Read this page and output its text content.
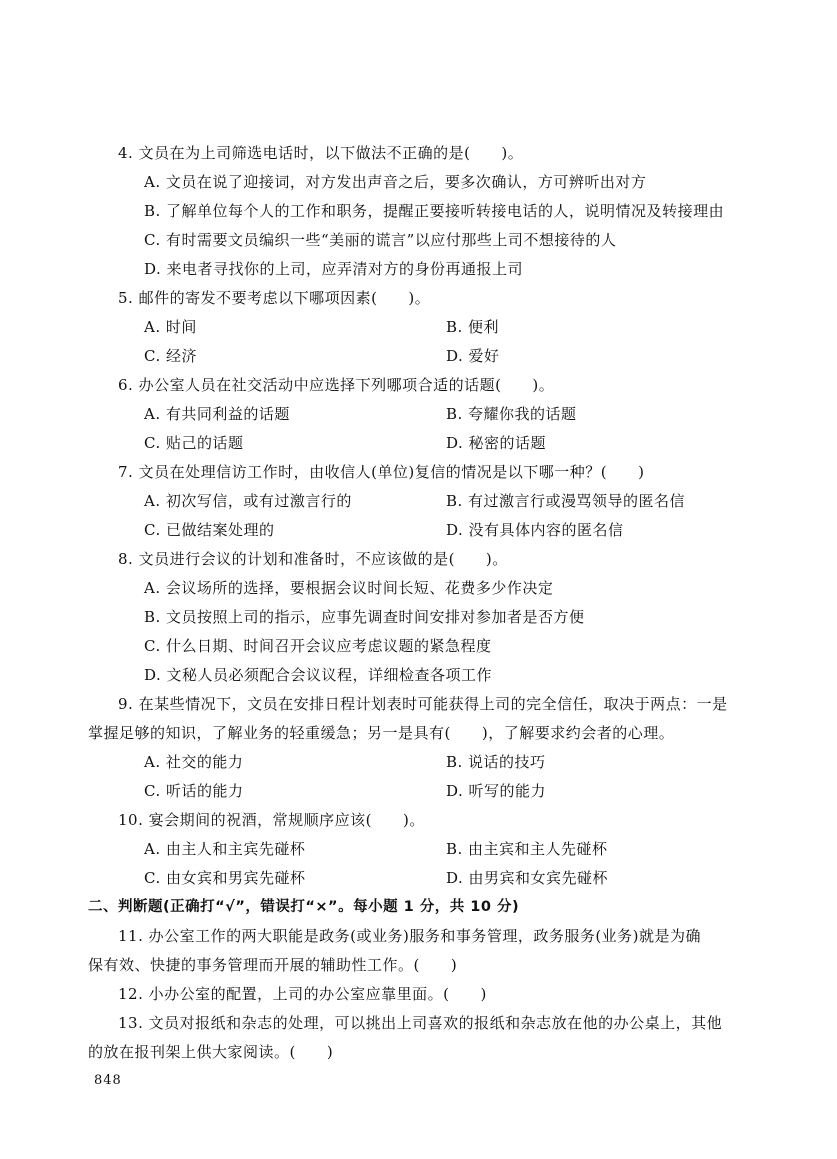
4. 文员在为上司筛选电话时，以下做法不正确的是(　　)。
A. 文员在说了迎接词，对方发出声音之后，要多次确认，方可辨听出对方
B. 了解单位每个人的工作和职务，提醒正要接听转接电话的人，说明情况及转接理由
C. 有时需要文员编织一些“美丽的谎言”以应付那些上司不想接待的人
D. 来电者寻找你的上司，应弄清对方的身份再通报上司
5. 邮件的寄发不要考虑以下哪项因素(　　)。
A. 时间	B. 便利
C. 经济	D. 爱好
6. 办公室人员在社交活动中应选择下列哪项合适的话题(　　)。
A. 有共同利益的话题	B. 夸耀你我的话题
C. 贴己的话题	D. 秘密的话题
7. 文员在处理信访工作时，由收信人(单位)复信的情况是以下哪一种？(　　)
A. 初次写信，或有过激言行的	B. 有过激言行或漫骂领导的匿名信
C. 已做结案处理的	D. 没有具体内容的匿名信
8. 文员进行会议的计划和准备时，不应该做的是(　　)。
A. 会议场所的选择，要根据会议时间长短、花费多少作决定
B. 文员按照上司的指示，应事先调查时间安排对参加者是否方便
C. 什么日期、时间召开会议应考虑议题的紧急程度
D. 文秘人员必须配合会议议程，详细检查各项工作
9. 在某些情况下，文员在安排日程计划表时可能获得上司的完全信任，取决于两点：一是
掌握足够的知识，了解业务的轻重缓急；另一是具有(　　)，了解要求约会者的心理。
A. 社交的能力	B. 说话的技巧
C. 听话的能力	D. 听写的能力
10. 宴会期间的祝酒，常规顺序应该(　　)。
A. 由主人和主宾先碰杯	B. 由主宾和主人先碰杯
C. 由女宾和男宾先碰杯	D. 由男宾和女宾先碰杯
二、判断题(正确打“√”，错误打“×”。每小题 1 分，共 10 分)
11. 办公室工作的两大职能是政务(或业务)服务和事务管理，政务服务(业务)就是为确
保有效、快捷的事务管理而开展的辅助性工作。(　　)
12. 小办公室的配置，上司的办公室应靠里面。(　　)
13. 文员对报纸和杂志的处理，可以挑出上司喜欢的报纸和杂志放在他的办公桌上，其他
的放在报刊架上供大家阅读。(　　)
848
